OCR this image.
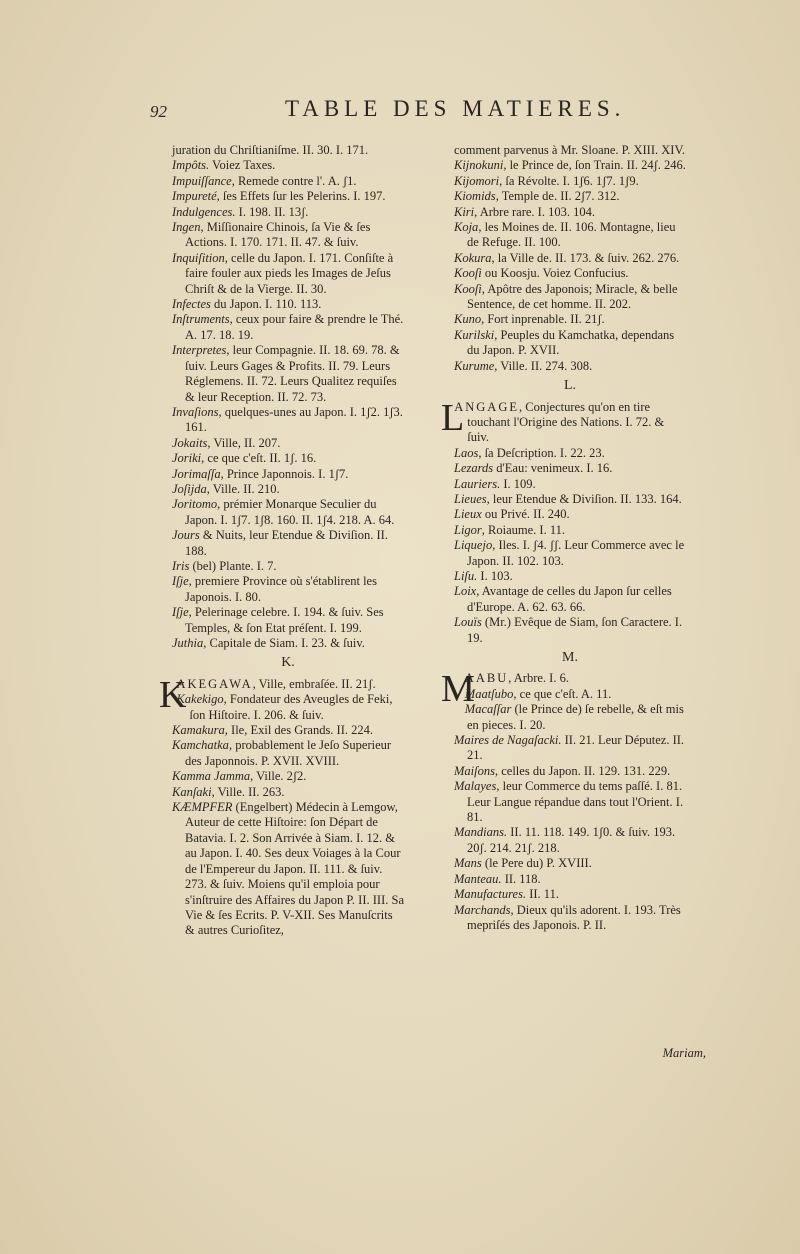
92	TABLE DES MATIERES.
juration du Chriſtianiſme. II. 30. I. 171.
Impôts. Voiez Taxes.
Impuiſſance, Remede contre l'. A. ʃ1.
Impureté, ſes Effets ſur les Pelerins. I. 197.
Indulgences. I. 198. II. 13ʃ.
Ingen, Miſſionaire Chinois, ſa Vie & ſes Actions. I. 170. 171. II. 47. & ſuiv.
Inquiſition, celle du Japon. I. 171. Conſiſte à faire fouler aux pieds les Images de Jeſus Chriſt & de la Vierge. II. 30.
Infectes du Japon. I. 110. 113.
Inſtruments, ceux pour faire & prendre le Thé. A. 17. 18. 19.
Interpretes, leur Compagnie. II. 18. 69. 78. & ſuiv. Leurs Gages & Profits. II. 79. Leurs Réglemens. II. 72. Leurs Qualitez requiſes & leur Reception. II. 72. 73.
Invaſions, quelques-unes au Japon. I. 1ʃ2. 1ʃ3. 161.
Jokaits, Ville, II. 207.
Joriki, ce que c'eſt. II. 1ʃ. 16.
Jorimaſſa, Prince Japonnois. I. 1ʃ7.
Joſijda, Ville. II. 210.
Joritomo, prémier Monarque Seculier du Japon. I. 1ʃ7. 1ʃ8. 160. II. 1ʃ4. 218. A. 64.
Jours & Nuits, leur Etendue & Diviſion. II. 188.
Iris (bel) Plante. I. 7.
Iſje, premiere Province où s'établirent les Japonois. I. 80.
Iſje, Pelerinage celebre. I. 194. & ſuiv. Ses Temples, & ſon Etat préſent. I. 199.
Juthia, Capitale de Siam. I. 23. & ſuiv.
K.
K
AKEGAWA, Ville, embraſée. II. 21ʃ.
Kakekigo, Fondateur des Aveugles de Feki, ſon Hiſtoire. I. 206. & ſuiv.
Kamakura, Ile, Exil des Grands. II. 224.
Kamchatka, probablement le Jeſo Superieur des Japonnois. P. XVII. XVIII.
Kamma Jamma, Ville. 2ʃ2.
Kanſaki, Ville. II. 263.
KÆMPFER (Engelbert) Médecin à Lemgow, Auteur de cette Hiſtoire: ſon Départ de Batavia. I. 2. Son Arrivée à Siam. I. 12. & au Japon. I. 40. Ses deux Voiages à la Cour de l'Empereur du Japon. II. 111. & ſuiv. 273. & ſuiv. Moiens qu'il emploia pour s'inſtruire des Affaires du Japon P. II. III. Sa Vie & ſes Ecrits. P. V-XII. Ses Manuſcrits & autres Curioſitez,
comment parvenus à Mr. Sloane. P. XIII. XIV.
Kijnokuni, le Prince de, ſon Train. II. 24ʃ. 246.
Kijomori, ſa Révolte. I. 1ʃ6. 1ʃ7. 1ʃ9.
Kiomids, Temple de. II. 2ʃ7. 312.
Kiri, Arbre rare. I. 103. 104.
Koja, les Moines de. II. 106. Montagne, lieu de Refuge. II. 100.
Kokura, la Ville de. II. 173. & ſuiv. 262. 276.
Kooſi ou Koosju. Voiez Confucius.
Kooſi, Apôtre des Japonois; Miracle, & belle Sentence, de cet homme. II. 202.
Kuno, Fort inprenable. II. 21ʃ.
Kurilski, Peuples du Kamchatka, dependans du Japon. P. XVII.
Kurume, Ville. II. 274. 308.
L.
L
ANGAGE, Conjectures qu'on en tire touchant l'Origine des Nations. I. 72. & ſuiv.
Laos, ſa Deſcription. I. 22. 23.
Lezards d'Eau: venimeux. I. 16.
Lauriers. I. 109.
Lieues, leur Etendue & Diviſion. II. 133. 164.
Lieux ou Privé. II. 240.
Ligor, Roiaume. I. 11.
Liquejo, Iles. I. ʃ4. ʃʃ. Leur Commerce avec le Japon. II. 102. 103.
Liſu. I. 103.
Loix, Avantage de celles du Japon ſur celles d'Europe. A. 62. 63. 66.
Louïs (Mr.) Evêque de Siam, ſon Caractere. I. 19.
M.
M
AABU, Arbre. I. 6.
Maatſubo, ce que c'eſt. A. 11.
Macaſſar (le Prince de) ſe rebelle, & eſt mis en pieces. I. 20.
Maires de Nagaſacki. II. 21. Leur Députez. II. 21.
Maiſons, celles du Japon. II. 129. 131. 229.
Malayes, leur Commerce du tems paſſé. I. 81. Leur Langue répandue dans tout l'Orient. I. 81.
Mandians. II. 11. 118. 149. 1ʃ0. & ſuiv. 193. 20ʃ. 214. 21ʃ. 218.
Mans (le Pere du) P. XVIII.
Manteau. II. 118.
Manufactures. II. 11.
Marchands, Dieux qu'ils adorent. I. 193. Très mepriſés des Japonois. P. II.
Mariam,
